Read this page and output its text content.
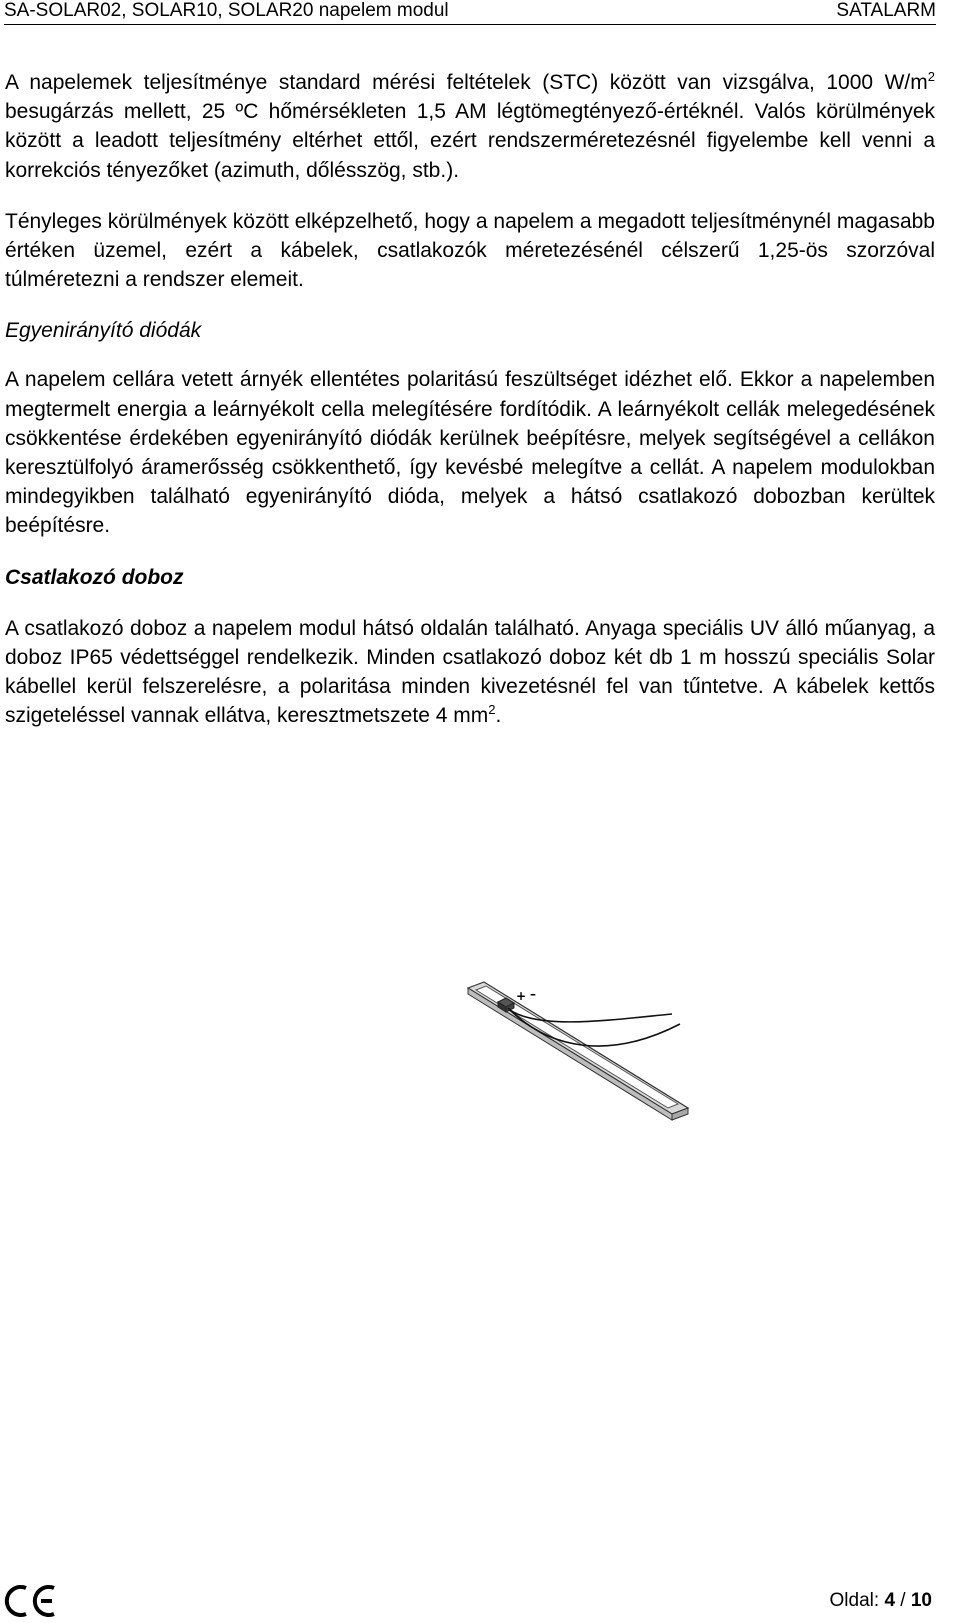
SA-SOLAR02, SOLAR10, SOLAR20 napelem modul	SATALARM

A napelemek teljesítménye standard mérési feltételek (STC) között van vizsgálva, 1000 $W/m^2$ besugárzás mellett, 25 ºC hőmérsékleten 1,5 AM légtömegtényező-értéknél. Valós körülmények között a leadott teljesítmény eltérhet ettől, ezért rendszerméretezésnél figyelembe kell venni a korrekciós tényezőket (azimuth, dőlésszög, stb.).

Tényleges körülmények között elképzelhető, hogy a napelem a megadott teljesítménynél magasabb értéken üzemel, ezért a kábelek, csatlakozók méretezésénél célszerű 1,25-ös szorzóval túlméretezni a rendszer elemeit.

Egyenirányító diódák

A napelem cellára vetett árnyék ellentétes polaritású feszültséget idézhet elő. Ekkor a napelemben megtermelt energia a leárnyékolt cella melegítésére fordítódik. A leárnyékolt cellák melegedésének csökkentése érdekében egyenirányító diódák kerülnek beépítésre, melyek segítségével a cellákon keresztülfolyó áramerősség csökkenthető, így kevésbé melegítve a cellát. A napelem modulokban mindegyikben található egyenirányító dióda, melyek a hátsó csatlakozó dobozban kerültek beépítésre.

Csatlakozó doboz

A csatlakozó doboz a napelem modul hátsó oldalán található. Anyaga speciális UV álló műanyag, a doboz IP65 védettséggel rendelkezik. Minden csatlakozó doboz két db 1 m hosszú speciális Solar kábellel kerül felszerelésre, a polaritása minden kivezetésnél fel van tűntetve. A kábelek kettős szigeteléssel vannak ellátva, keresztmetszete 4 $mm^2$.

+ –
Oldal: 4 / 10
